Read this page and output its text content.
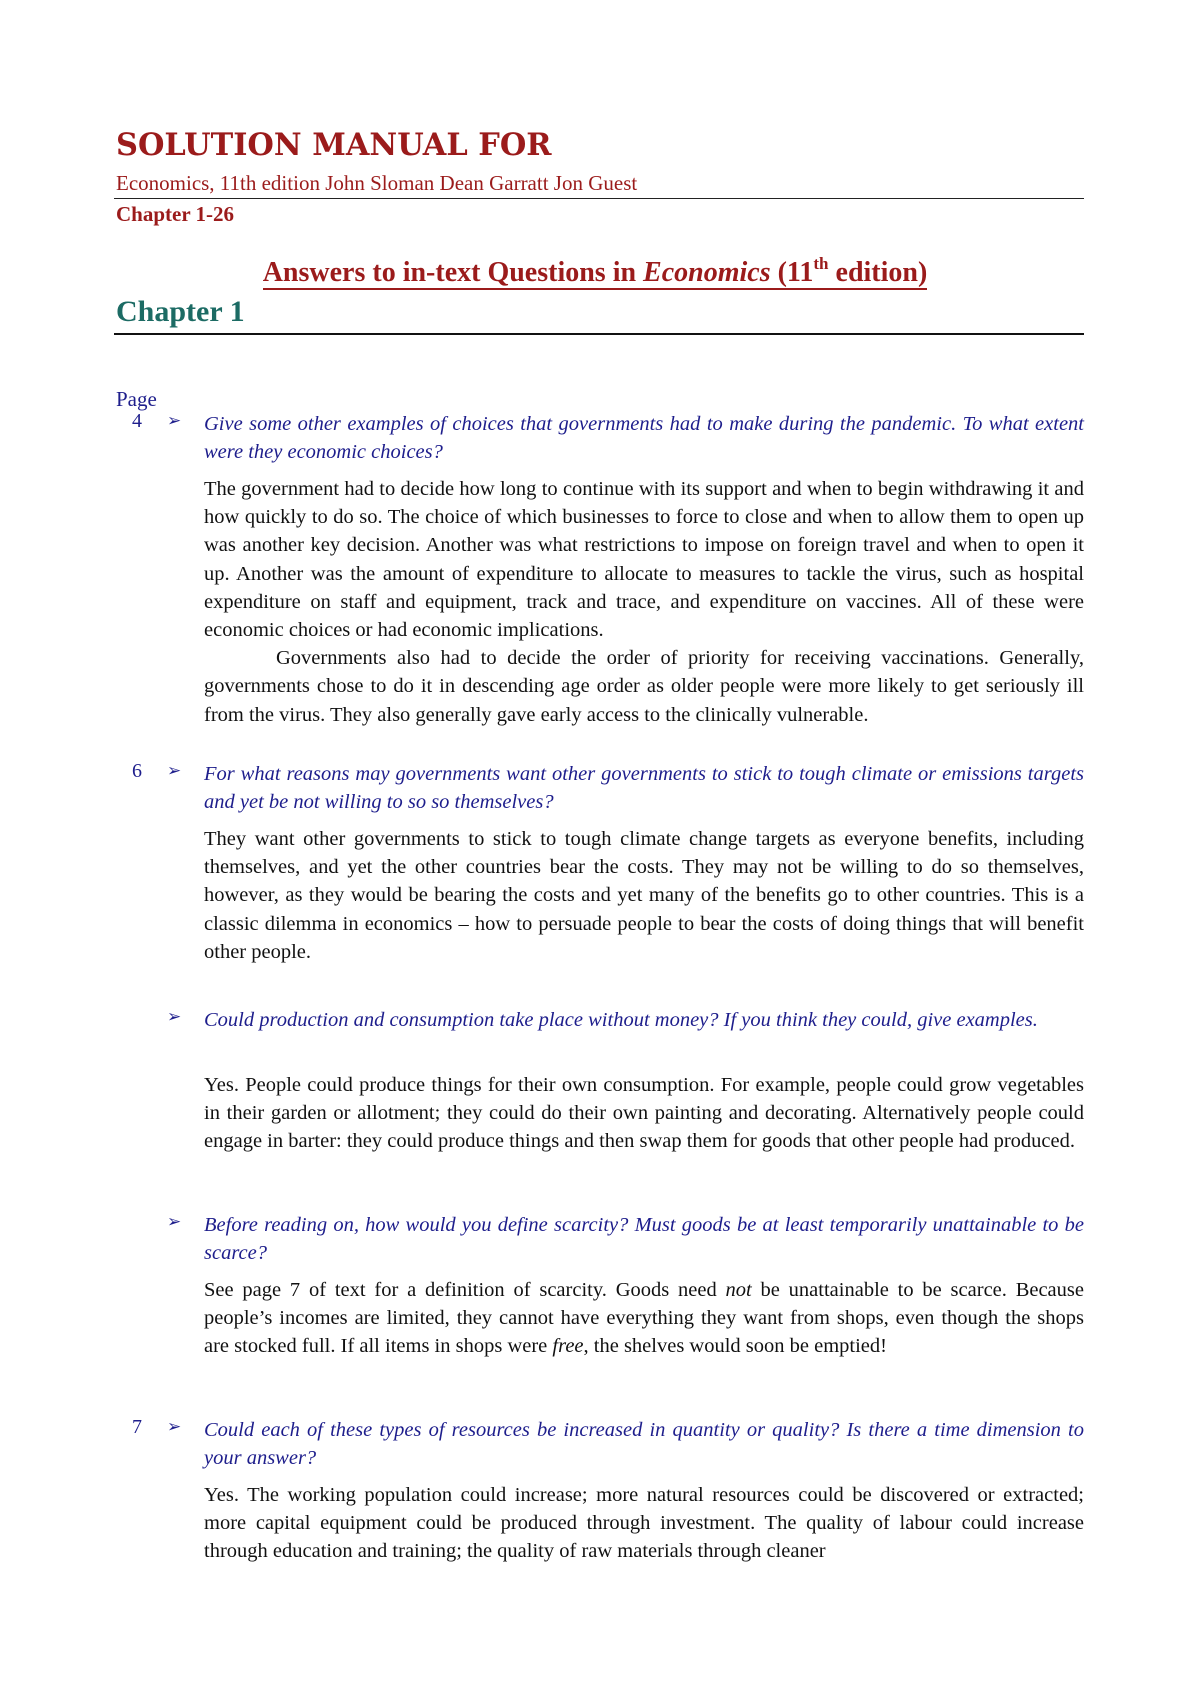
SOLUTION MANUAL FOR
Economics, 11th edition John Sloman Dean Garratt Jon Guest
Chapter 1-26
Answers to in-text Questions in Economics (11th edition)
Chapter 1
Page
4	➢ Give some other examples of choices that governments had to make during the pandemic. To what extent were they economic choices?

The government had to decide how long to continue with its support and when to begin withdrawing it and how quickly to do so. The choice of which businesses to force to close and when to allow them to open up was another key decision. Another was what restrictions to impose on foreign travel and when to open it up. Another was the amount of expenditure to allocate to measures to tackle the virus, such as hospital expenditure on staff and equipment, track and trace, and expenditure on vaccines. All of these were economic choices or had economic implications.

Governments also had to decide the order of priority for receiving vaccinations. Generally, governments chose to do it in descending age order as older people were more likely to get seriously ill from the virus. They also generally gave early access to the clinically vulnerable.

6	➢ For what reasons may governments want other governments to stick to tough climate or emissions targets and yet be not willing to so so themselves?

They want other governments to stick to tough climate change targets as everyone benefits, including themselves, and yet the other countries bear the costs. They may not be willing to do so themselves, however, as they would be bearing the costs and yet many of the benefits go to other countries. This is a classic dilemma in economics – how to persuade people to bear the costs of doing things that will benefit other people.

➢ Could production and consumption take place without money? If you think they could, give examples.

Yes. People could produce things for their own consumption. For example, people could grow vegetables in their garden or allotment; they could do their own painting and decorating. Alternatively people could engage in barter: they could produce things and then swap them for goods that other people had produced.

➢ Before reading on, how would you define scarcity? Must goods be at least temporarily unattainable to be scarce?

See page 7 of text for a definition of scarcity. Goods need not be unattainable to be scarce. Because people’s incomes are limited, they cannot have everything they want from shops, even though the shops are stocked full. If all items in shops were free, the shelves would soon be emptied!

7	➢ Could each of these types of resources be increased in quantity or quality? Is there a time dimension to your answer?

Yes. The working population could increase; more natural resources could be discovered or extracted; more capital equipment could be produced through investment. The quality of labour could increase through education and training; the quality of raw materials through cleaner
